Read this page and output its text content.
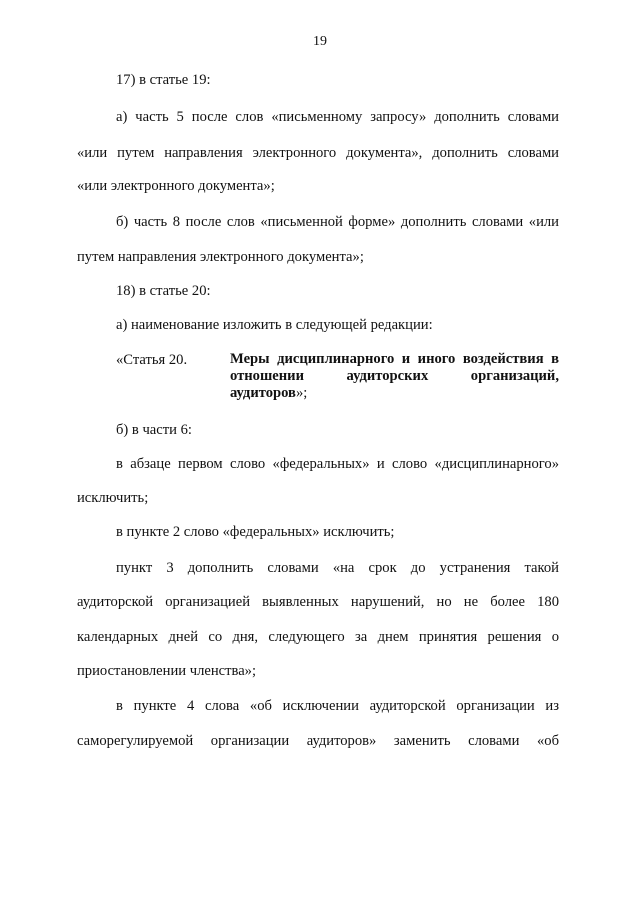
19
17) в статье 19:
а) часть 5 после слов «письменному запросу» дополнить словами
«или путем направления электронного документа», дополнить словами
«или электронного документа»;
б) часть 8 после слов «письменной форме» дополнить словами «или
путем направления электронного документа»;
18) в статье 20:
а) наименование изложить в следующей редакции:
«Статья 20.	Меры дисциплинарного и иного воздействия в
отношении аудиторских организаций,
аудиторов»;
б) в части 6:
в абзаце первом слово «федеральных» и слово «дисциплинарного»
исключить;
в пункте 2 слово «федеральных» исключить;
пункт 3 дополнить словами «на срок до устранения такой
аудиторской организацией выявленных нарушений, но не более 180
календарных дней со дня, следующего за днем принятия решения о
приостановлении членства»;
в пункте 4 слова «об исключении аудиторской организации из
саморегулируемой организации аудиторов» заменить словами «об
